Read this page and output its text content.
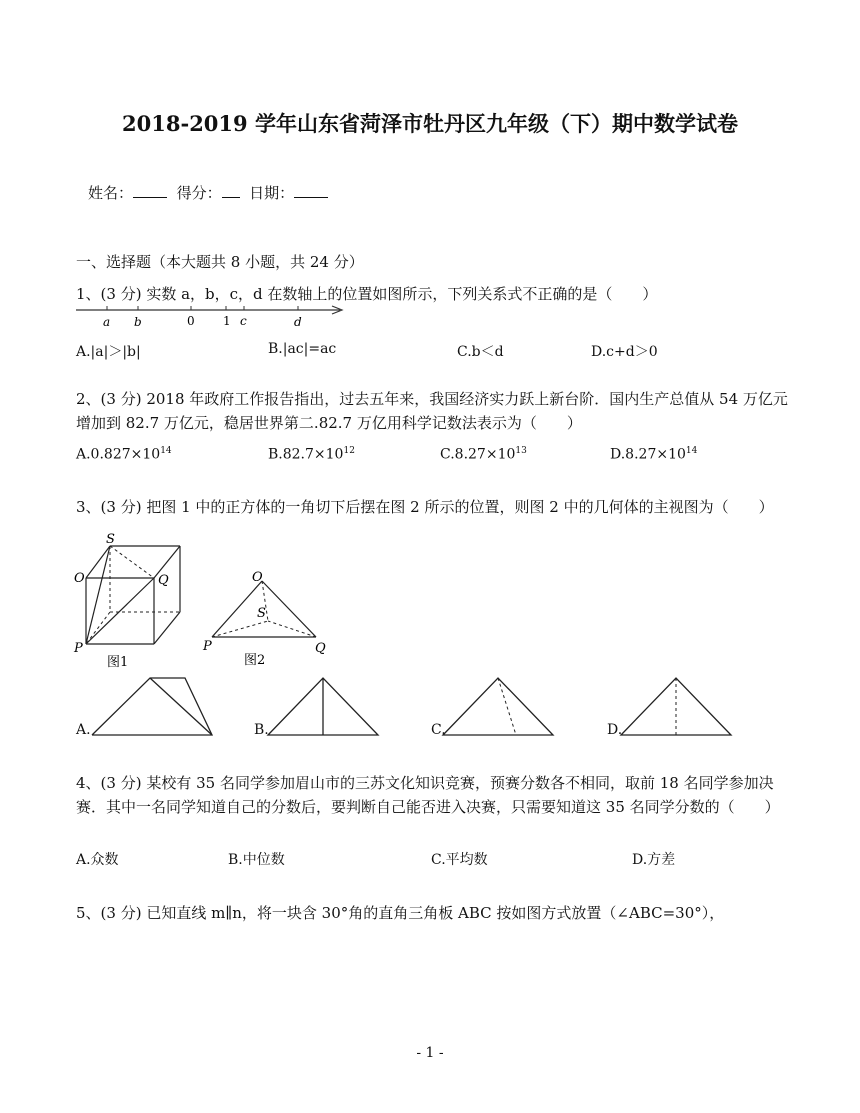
2018-2019 学年山东省菏泽市牡丹区九年级（下）期中数学试卷
姓名：	得分： 日期：
一、选择题（本大题共 8 小题，共 24 分）
1、(3 分) 实数 a，b，c，d 在数轴上的位置如图所示，下列关系式不正确的是（　　）
a b	0 1 c	d
A.|a|＞|b|	B.|ac|=ac	C.b＜d	D.c+d＞0
2、(3 分) 2018 年政府工作报告指出，过去五年来，我国经济实力跃上新台阶．国内生产总值从 54 万亿元增加到 82.7 万亿元，稳居世界第二.82.7 万亿用科学记数法表示为（　　）
$A.0.827\times 10^{14}$	$B.82.7\times 10^{12}$	$C.8.27\times 10^{13}$	$D.8.27\times 10^{14}$
3、(3 分) 把图 1 中的正方体的一角切下后摆在图 2 所示的位置，则图 2 中的几何体的主视图为（　　）
S
O	Q
P
图1
O
S
P	Q
图2
A.	B.	C.	D.
4、(3 分) 某校有 35 名同学参加眉山市的三苏文化知识竞赛，预赛分数各不相同，取前 18 名同学参加决赛．其中一名同学知道自己的分数后，要判断自己能否进入决赛，只需要知道这 35 名同学分数的（　　）
A.众数	B.中位数	C.平均数	D.方差
5、(3 分) 已知直线 m∥n，将一块含 30°角的直角三角板 ABC 按如图方式放置（∠ABC=30°），
- 1 -
